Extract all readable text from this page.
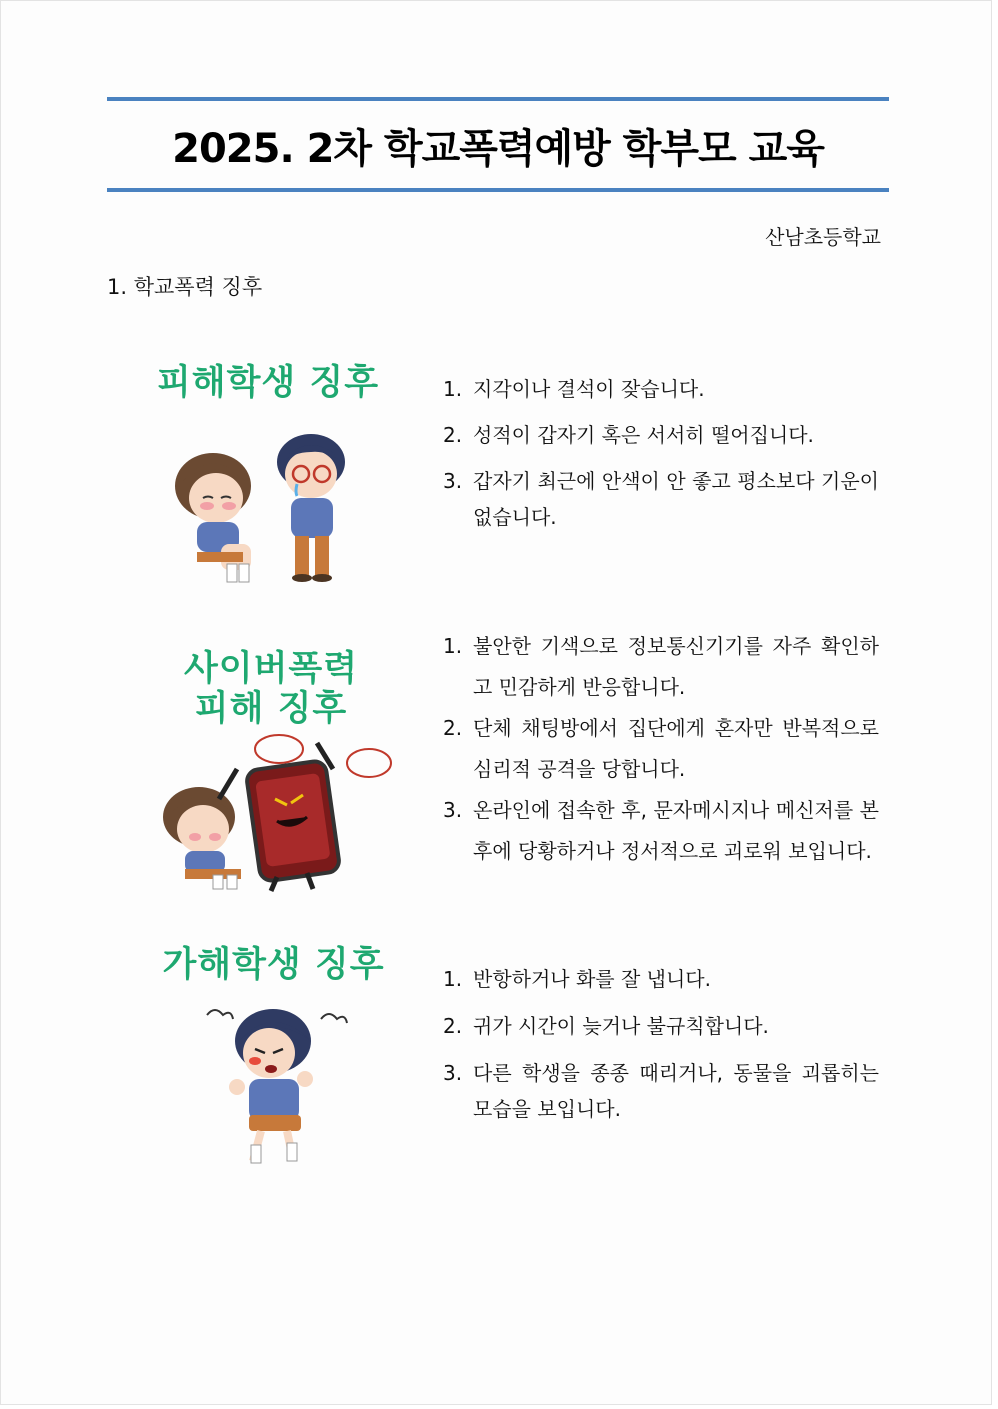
2025. 2차 학교폭력예방 학부모 교육
산남초등학교
1. 학교폭력 징후
피해학생 징후	1. 지각이나 결석이 잦습니다.
2. 성적이 갑자기 혹은 서서히 떨어집니다.
3. 갑자기 최근에 안색이 안 좋고 평소보다 기운이 없습니다.
사이버폭력
피해 징후
1. 불안한 기색으로 정보통신기기를 자주 확인하고 민감하게 반응합니다.
2. 단체 채팅방에서 집단에게 혼자만 반복적으로 심리적 공격을 당합니다.
3. 온라인에 접속한 후, 문자메시지나 메신저를 본 후에 당황하거나 정서적으로 괴로워 보입니다.
가해학생 징후	1. 반항하거나 화를 잘 냅니다.
2. 귀가 시간이 늦거나 불규칙합니다.
3. 다른 학생을 종종 때리거나, 동물을 괴롭히는 모습을 보입니다.
